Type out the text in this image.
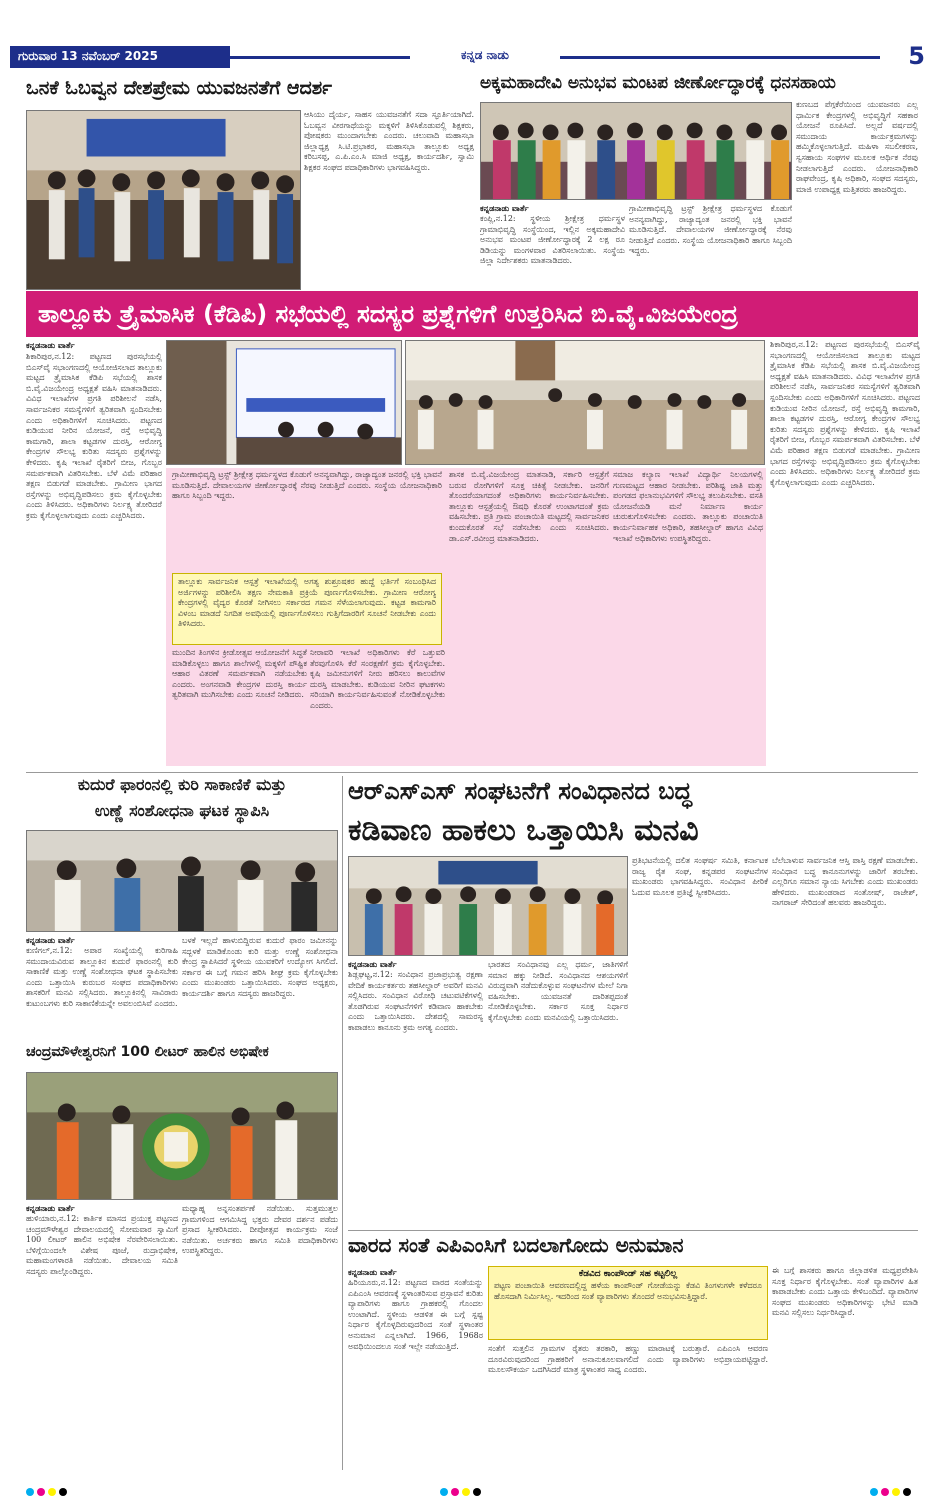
ಗುರುವಾರ 13 ನವೆಂಬರ್ 2025	ಕನ್ನಡ ನಾಡು	5
ಒನಕೆ ಓಬವ್ವನ ದೇಶಪ್ರೇಮ ಯುವಜನತೆಗೆ ಆದರ್ಶ
ಆಸಿಯು ದೈರ್ಯ, ಸಾಹಸ ಯುವಜನತೆಗೆ ಸದಾ ಸ್ಫೂರ್ತಿಯಾಗಿದೆ. ಓಬವ್ವನ ವೀರಗಾಥೆಯನ್ನು ಮಕ್ಕಳಿಗೆ ತಿಳಿಸಿಕೊಡುವಲ್ಲಿ ಶಿಕ್ಷಕರು, ಪೋಷಕರು ಮುಂದಾಗಬೇಕು ಎಂದರು. ಚಲುವಾದಿ ಮಹಾಸಭಾ ಜಿಲ್ಲಾಧ್ಯಕ್ಷ ಸಿ.ಟಿ.ಪ್ರಭಾಕರ, ಮಹಾಸಭಾ ತಾಲ್ಲೂಕು ಅಧ್ಯಕ್ಷ ಕರಿಬಸಪ್ಪ, ಎ.ಪಿ.ಎಂ.ಸಿ ಮಾಜಿ ಅಧ್ಯಕ್ಷ, ಕಾರ್ಯದರ್ಶಿ, ಸ್ವಾಮಿ ಶಿಕ್ಷಕರ ಸಂಘದ ಪದಾಧಿಕಾರಿಗಳು ಭಾಗವಹಿಸಿದ್ದರು.
ಅಕ್ಕಮಹಾದೇವಿ ಅನುಭವ ಮಂಟಪ ಜೀರ್ಣೋದ್ಧಾರಕ್ಕೆ ಧನಸಹಾಯ
ಕುಣಬದ ಪೆಗ್ಗಕೆರೆಯಿಂದ ಯುವಜನರು ಎಲ್ಲ ಧಾರ್ಮಿಕ ಕೇಂದ್ರಗಳಲ್ಲಿ ಅಭಿವೃದ್ಧಿಗೆ ಸಹಕಾರ ಯೋಜನೆ ರೂಪಿಸಿದೆ. ಅಲ್ಲದೆ ವರ್ಷದಲ್ಲಿ ಸಮುದಾಯ ಕಾರ್ಯಕ್ರಮಗಳನ್ನು ಹಮ್ಮಿಕೊಳ್ಳಲಾಗುತ್ತಿದೆ. ಮಹಿಳಾ ಸಬಲೀಕರಣ, ಸ್ವಸಹಾಯ ಸಂಘಗಳ ಮೂಲಕ ಆರ್ಥಿಕ ನೆರವು ನೀಡಲಾಗುತ್ತಿದೆ ಎಂದರು. ಯೋಜನಾಧಿಕಾರಿ ರಾಘವೇಂದ್ರ, ಕೃಷಿ ಅಧಿಕಾರಿ, ಸಂಘದ ಸದಸ್ಯರು, ಮಾಜಿ ಉಪಾಧ್ಯಕ್ಷ ಮತ್ತಿತರರು ಹಾಜರಿದ್ದರು.
ಕನ್ನಡನಾಡು ವಾರ್ತೆ
ಕಂಪ್ಲಿ,ನ.12: ಸ್ಥಳೀಯ ಶ್ರೀಕ್ಷೇತ್ರ ಧರ್ಮಸ್ಥಳ ಗ್ರಾಮಾಭಿವೃದ್ಧಿ ಸಂಸ್ಥೆಯಿಂದ, ಇಲ್ಲಿನ ಅಕ್ಕಮಹಾದೇವಿ ಅನುಭವ ಮಂಟಪ ಜೀರ್ಣೋದ್ಧಾರಕ್ಕೆ 2 ಲಕ್ಷ ರೂ ಡಿಡಿಯನ್ನು ಮಂಗಳವಾರ ವಿತರಿಸಲಾಯಿತು. ಸಂಸ್ಥೆಯ ಜಿಲ್ಲಾ ನಿರ್ದೇಶಕರು ಮಾತನಾಡಿದರು.
ಗ್ರಾಮೀಣಾಭಿವೃದ್ಧಿ ಟ್ರಸ್ಟ್ ಶ್ರೀಕ್ಷೇತ್ರ ಧರ್ಮಸ್ಥಳದ ಕೊಡುಗೆ ಅನನ್ಯವಾಗಿದ್ದು, ರಾಜ್ಯಾದ್ಯಂತ ಜನರಲ್ಲಿ ಭಕ್ತಿ ಭಾವನೆ ಮೂಡಿಸುತ್ತಿದೆ. ದೇವಾಲಯಗಳ ಜೀರ್ಣೋದ್ಧಾರಕ್ಕೆ ನೆರವು ನೀಡುತ್ತಿದೆ ಎಂದರು. ಸಂಸ್ಥೆಯ ಯೋಜನಾಧಿಕಾರಿ ಹಾಗೂ ಸಿಬ್ಬಂದಿ ಇದ್ದರು.
ತಾಲ್ಲೂಕು ತ್ರೈಮಾಸಿಕ (ಕೆಡಿಪಿ) ಸಭೆಯಲ್ಲಿ ಸದಸ್ಯರ ಪ್ರಶ್ನೆಗಳಿಗೆ ಉತ್ತರಿಸಿದ ಬಿ.ವೈ.ವಿಜಯೇಂದ್ರ
ಕನ್ನಡನಾಡು ವಾರ್ತೆ
ಶಿಕಾರಿಪುರ,ನ.12: ಪಟ್ಟಣದ ಪುರಸಭೆಯಲ್ಲಿ ಬಿಎಸ್‌ವೈ ಸಭಾಂಗಣದಲ್ಲಿ ಆಯೋಜಿಸಲಾದ ತಾಲ್ಲೂಕು ಮಟ್ಟದ ತ್ರೈಮಾಸಿಕ ಕೆಡಿಪಿ ಸಭೆಯಲ್ಲಿ ಶಾಸಕ ಬಿ.ವೈ.ವಿಜಯೇಂದ್ರ ಅಧ್ಯಕ್ಷತೆ ವಹಿಸಿ ಮಾತನಾಡಿದರು. ವಿವಿಧ ಇಲಾಖೆಗಳ ಪ್ರಗತಿ ಪರಿಶೀಲನೆ ನಡೆಸಿ, ಸಾರ್ವಜನಿಕರ ಸಮಸ್ಯೆಗಳಿಗೆ ತ್ವರಿತವಾಗಿ ಸ್ಪಂದಿಸಬೇಕು ಎಂದು ಅಧಿಕಾರಿಗಳಿಗೆ ಸೂಚಿಸಿದರು. ಪಟ್ಟಣದ ಕುಡಿಯುವ ನೀರಿನ ಯೋಜನೆ, ರಸ್ತೆ ಅಭಿವೃದ್ಧಿ ಕಾಮಗಾರಿ, ಶಾಲಾ ಕಟ್ಟಡಗಳ ದುರಸ್ತಿ, ಆರೋಗ್ಯ ಕೇಂದ್ರಗಳ ಸೌಲಭ್ಯ ಕುರಿತು ಸದಸ್ಯರು ಪ್ರಶ್ನೆಗಳನ್ನು ಕೇಳಿದರು. ಕೃಷಿ ಇಲಾಖೆ ರೈತರಿಗೆ ಬೀಜ, ಗೊಬ್ಬರ ಸಮರ್ಪಕವಾಗಿ ವಿತರಿಸಬೇಕು. ಬೆಳೆ ವಿಮೆ ಪರಿಹಾರ ತಕ್ಷಣ ಬಿಡುಗಡೆ ಮಾಡಬೇಕು. ಗ್ರಾಮೀಣ ಭಾಗದ ರಸ್ತೆಗಳನ್ನು ಅಭಿವೃದ್ಧಿಪಡಿಸಲು ಕ್ರಮ ಕೈಗೊಳ್ಳಬೇಕು ಎಂದು ತಿಳಿಸಿದರು. ಅಧಿಕಾರಿಗಳು ನಿರ್ಲಕ್ಷ್ಯ ತೋರಿದರೆ ಕ್ರಮ ಕೈಗೊಳ್ಳಲಾಗುವುದು ಎಂದು ಎಚ್ಚರಿಸಿದರು.
ತಾಲ್ಲೂಕು ಸಾರ್ವಜನಿಕ ಆಸ್ಪತ್ರೆ ಇಲಾಖೆಯಲ್ಲಿ ಅಗತ್ಯ ಶುಶ್ರೂಷಕರ ಹುದ್ದೆ ಭರ್ತಿಗೆ ಸಂಬಂಧಿಸಿದ ಅರ್ಜಿಗಳನ್ನು ಪರಿಶೀಲಿಸಿ ತಕ್ಷಣ ನೇಮಕಾತಿ ಪ್ರಕ್ರಿಯೆ ಪೂರ್ಣಗೊಳಿಸಬೇಕು. ಗ್ರಾಮೀಣ ಆರೋಗ್ಯ ಕೇಂದ್ರಗಳಲ್ಲಿ ವೈದ್ಯರ ಕೊರತೆ ನೀಗಿಸಲು ಸರ್ಕಾರದ ಗಮನ ಸೆಳೆಯಲಾಗುವುದು. ಕಟ್ಟಡ ಕಾಮಗಾರಿ ವಿಳಂಬ ಮಾಡದೆ ನಿಗದಿತ ಅವಧಿಯಲ್ಲಿ ಪೂರ್ಣಗೊಳಿಸಲು ಗುತ್ತಿಗೆದಾರರಿಗೆ ಸೂಚನೆ ನೀಡಬೇಕು ಎಂದು ತಿಳಿಸಿದರು.
ಮುಂದಿನ ತಿಂಗಳಿನ ಕ್ರೀಡೋತ್ಸವ ಆಯೋಜನೆಗೆ ಸಿದ್ಧತೆ ಮಾಡಿಕೊಳ್ಳಲು ಹಾಗೂ ಶಾಲೆಗಳಲ್ಲಿ ಮಕ್ಕಳಿಗೆ ಪೌಷ್ಟಿಕ ಆಹಾರ ವಿತರಣೆ ಸಮರ್ಪಕವಾಗಿ ನಡೆಯಬೇಕು ಎಂದರು. ಅಂಗನವಾಡಿ ಕೇಂದ್ರಗಳ ದುರಸ್ತಿ ಕಾರ್ಯ ತ್ವರಿತವಾಗಿ ಮುಗಿಸಬೇಕು ಎಂದು ಸೂಚನೆ ನೀಡಿದರು.
ನೀರಾವರಿ ಇಲಾಖೆ ಅಧಿಕಾರಿಗಳು ಕೆರೆ ಒತ್ತುವರಿ ತೆರವುಗೊಳಿಸಿ ಕೆರೆ ಸಂರಕ್ಷಣೆಗೆ ಕ್ರಮ ಕೈಗೊಳ್ಳಬೇಕು. ಕೃಷಿ ಜಮೀನುಗಳಿಗೆ ನೀರು ಹರಿಸಲು ಕಾಲುವೆಗಳ ದುರಸ್ತಿ ಮಾಡಬೇಕು. ಕುಡಿಯುವ ನೀರಿನ ಘಟಕಗಳು ಸರಿಯಾಗಿ ಕಾರ್ಯನಿರ್ವಹಿಸುವಂತೆ ನೋಡಿಕೊಳ್ಳಬೇಕು ಎಂದರು.
ಶಾಸಕ ಬಿ.ವೈ.ವಿಜಯೇಂದ್ರ ಮಾತನಾಡಿ, ಸರ್ಕಾರಿ ಆಸ್ಪತ್ರೆಗೆ ಬರುವ ರೋಗಿಗಳಿಗೆ ಸೂಕ್ತ ಚಿಕಿತ್ಸೆ ನೀಡಬೇಕು. ಜನರಿಗೆ ತೊಂದರೆಯಾಗದಂತೆ ಅಧಿಕಾರಿಗಳು ಕಾರ್ಯನಿರ್ವಹಿಸಬೇಕು. ತಾಲ್ಲೂಕು ಆಸ್ಪತ್ರೆಯಲ್ಲಿ ಔಷಧಿ ಕೊರತೆ ಉಂಟಾಗದಂತೆ ಕ್ರಮ ವಹಿಸಬೇಕು. ಪ್ರತಿ ಗ್ರಾಮ ಪಂಚಾಯಿತಿ ಮಟ್ಟದಲ್ಲಿ ಸಾರ್ವಜನಿಕರ ಕುಂದುಕೊರತೆ ಸಭೆ ನಡೆಸಬೇಕು ಎಂದು ಸೂಚಿಸಿದರು. ಡಾ.ಎಸ್.ರವೀಂದ್ರ ಮಾತನಾಡಿದರು.
ಸಮಾಜ ಕಲ್ಯಾಣ ಇಲಾಖೆ ವಿದ್ಯಾರ್ಥಿ ನಿಲಯಗಳಲ್ಲಿ ಗುಣಮಟ್ಟದ ಆಹಾರ ನೀಡಬೇಕು. ಪರಿಶಿಷ್ಟ ಜಾತಿ ಮತ್ತು ಪಂಗಡದ ಫಲಾನುಭವಿಗಳಿಗೆ ಸೌಲಭ್ಯ ತಲುಪಿಸಬೇಕು. ವಸತಿ ಯೋಜನೆಯಡಿ ಮನೆ ನಿರ್ಮಾಣ ಕಾರ್ಯ ಚುರುಕುಗೊಳಿಸಬೇಕು ಎಂದರು. ತಾಲ್ಲೂಕು ಪಂಚಾಯಿತಿ ಕಾರ್ಯನಿರ್ವಾಹಕ ಅಧಿಕಾರಿ, ತಹಸೀಲ್ದಾರ್ ಹಾಗೂ ವಿವಿಧ ಇಲಾಖೆ ಅಧಿಕಾರಿಗಳು ಉಪಸ್ಥಿತರಿದ್ದರು.
ಗ್ರಾಮೀಣಾಭಿವೃದ್ಧಿ ಟ್ರಸ್ಟ್ ಶ್ರೀಕ್ಷೇತ್ರ ಧರ್ಮಸ್ಥಳದ ಕೊಡುಗೆ ಅನನ್ಯವಾಗಿದ್ದು, ರಾಜ್ಯಾದ್ಯಂತ ಜನರಲ್ಲಿ ಭಕ್ತಿ ಭಾವನೆ ಮೂಡಿಸುತ್ತಿದೆ. ದೇವಾಲಯಗಳ ಜೀರ್ಣೋದ್ಧಾರಕ್ಕೆ ನೆರವು ನೀಡುತ್ತಿದೆ ಎಂದರು. ಸಂಸ್ಥೆಯ ಯೋಜನಾಧಿಕಾರಿ ಹಾಗೂ ಸಿಬ್ಬಂದಿ ಇದ್ದರು.
ಶಿಕಾರಿಪುರ,ನ.12: ಪಟ್ಟಣದ ಪುರಸಭೆಯಲ್ಲಿ ಬಿಎಸ್‌ವೈ ಸಭಾಂಗಣದಲ್ಲಿ ಆಯೋಜಿಸಲಾದ ತಾಲ್ಲೂಕು ಮಟ್ಟದ ತ್ರೈಮಾಸಿಕ ಕೆಡಿಪಿ ಸಭೆಯಲ್ಲಿ ಶಾಸಕ ಬಿ.ವೈ.ವಿಜಯೇಂದ್ರ ಅಧ್ಯಕ್ಷತೆ ವಹಿಸಿ ಮಾತನಾಡಿದರು. ವಿವಿಧ ಇಲಾಖೆಗಳ ಪ್ರಗತಿ ಪರಿಶೀಲನೆ ನಡೆಸಿ, ಸಾರ್ವಜನಿಕರ ಸಮಸ್ಯೆಗಳಿಗೆ ತ್ವರಿತವಾಗಿ ಸ್ಪಂದಿಸಬೇಕು ಎಂದು ಅಧಿಕಾರಿಗಳಿಗೆ ಸೂಚಿಸಿದರು. ಪಟ್ಟಣದ ಕುಡಿಯುವ ನೀರಿನ ಯೋಜನೆ, ರಸ್ತೆ ಅಭಿವೃದ್ಧಿ ಕಾಮಗಾರಿ, ಶಾಲಾ ಕಟ್ಟಡಗಳ ದುರಸ್ತಿ, ಆರೋಗ್ಯ ಕೇಂದ್ರಗಳ ಸೌಲಭ್ಯ ಕುರಿತು ಸದಸ್ಯರು ಪ್ರಶ್ನೆಗಳನ್ನು ಕೇಳಿದರು. ಕೃಷಿ ಇಲಾಖೆ ರೈತರಿಗೆ ಬೀಜ, ಗೊಬ್ಬರ ಸಮರ್ಪಕವಾಗಿ ವಿತರಿಸಬೇಕು. ಬೆಳೆ ವಿಮೆ ಪರಿಹಾರ ತಕ್ಷಣ ಬಿಡುಗಡೆ ಮಾಡಬೇಕು. ಗ್ರಾಮೀಣ ಭಾಗದ ರಸ್ತೆಗಳನ್ನು ಅಭಿವೃದ್ಧಿಪಡಿಸಲು ಕ್ರಮ ಕೈಗೊಳ್ಳಬೇಕು ಎಂದು ತಿಳಿಸಿದರು. ಅಧಿಕಾರಿಗಳು ನಿರ್ಲಕ್ಷ್ಯ ತೋರಿದರೆ ಕ್ರಮ ಕೈಗೊಳ್ಳಲಾಗುವುದು ಎಂದು ಎಚ್ಚರಿಸಿದರು.
ಕುದುರೆ ಫಾರಂನಲ್ಲಿ ಕುರಿ ಸಾಕಾಣಿಕೆ ಮತ್ತು
ಉಣ್ಣೆ ಸಂಶೋಧನಾ ಘಟಕ ಸ್ಥಾಪಿಸಿ
ಕನ್ನಡನಾಡು ವಾರ್ತೆ
ಕುಣಿಗಲ್,ನ.12: ಅಪಾರ ಸಂಖ್ಯೆಯಲ್ಲಿ ಕುರಿಗಾಹಿ ಸಮುದಾಯವಿರುವ ತಾಲ್ಲೂಕಿನ ಕುದುರೆ ಫಾರಂನಲ್ಲಿ ಕುರಿ ಸಾಕಾಣಿಕೆ ಮತ್ತು ಉಣ್ಣೆ ಸಂಶೋಧನಾ ಘಟಕ ಸ್ಥಾಪಿಸಬೇಕು ಎಂದು ಒತ್ತಾಯಿಸಿ ಕುರುಬರ ಸಂಘದ ಪದಾಧಿಕಾರಿಗಳು ಶಾಸಕರಿಗೆ ಮನವಿ ಸಲ್ಲಿಸಿದರು. ತಾಲ್ಲೂಕಿನಲ್ಲಿ ಸಾವಿರಾರು ಕುಟುಂಬಗಳು ಕುರಿ ಸಾಕಾಣಿಕೆಯನ್ನೇ ಅವಲಂಬಿಸಿವೆ ಎಂದರು.
ಬಳಕೆ ಇಲ್ಲದೆ ಹಾಳುಬಿದ್ದಿರುವ ಕುದುರೆ ಫಾರಂ ಜಮೀನನ್ನು ಸದ್ಬಳಕೆ ಮಾಡಿಕೊಂಡು ಕುರಿ ಮತ್ತು ಉಣ್ಣೆ ಸಂಶೋಧನಾ ಕೇಂದ್ರ ಸ್ಥಾಪಿಸಿದರೆ ಸ್ಥಳೀಯ ಯುವಕರಿಗೆ ಉದ್ಯೋಗ ಸಿಗಲಿದೆ. ಸರ್ಕಾರ ಈ ಬಗ್ಗೆ ಗಮನ ಹರಿಸಿ ಶೀಘ್ರ ಕ್ರಮ ಕೈಗೊಳ್ಳಬೇಕು ಎಂದು ಮುಖಂಡರು ಒತ್ತಾಯಿಸಿದರು. ಸಂಘದ ಅಧ್ಯಕ್ಷರು, ಕಾರ್ಯದರ್ಶಿ ಹಾಗೂ ಸದಸ್ಯರು ಹಾಜರಿದ್ದರು.
ಚಂದ್ರಮೌಳೇಶ್ವರನಿಗೆ 100 ಲೀಟರ್ ಹಾಲಿನ ಅಭಿಷೇಕ
ಕನ್ನಡನಾಡು ವಾರ್ತೆ
ಹುಳಿಯಾರು,ನ.12: ಕಾರ್ತಿಕ ಮಾಸದ ಪ್ರಯುಕ್ತ ಪಟ್ಟಣದ ಚಂದ್ರಮೌಳೇಶ್ವರ ದೇವಾಲಯದಲ್ಲಿ ಸೋಮವಾರ ಸ್ವಾಮಿಗೆ 100 ಲೀಟರ್ ಹಾಲಿನ ಅಭಿಷೇಕ ನೆರವೇರಿಸಲಾಯಿತು. ಬೆಳಿಗ್ಗೆಯಿಂದಲೇ ವಿಶೇಷ ಪೂಜೆ, ರುದ್ರಾಭಿಷೇಕ, ಮಹಾಮಂಗಳಾರತಿ ನಡೆಯಿತು. ದೇವಾಲಯ ಸಮಿತಿ ಸದಸ್ಯರು ಪಾಲ್ಗೊಂಡಿದ್ದರು.
ಮಧ್ಯಾಹ್ನ ಅನ್ನಸಂತರ್ಪಣೆ ನಡೆಯಿತು. ಸುತ್ತಮುತ್ತಲ ಗ್ರಾಮಗಳಿಂದ ಆಗಮಿಸಿದ್ದ ಭಕ್ತರು ದೇವರ ದರ್ಶನ ಪಡೆದು ಪ್ರಸಾದ ಸ್ವೀಕರಿಸಿದರು. ದೀಪೋತ್ಸವ ಕಾರ್ಯಕ್ರಮ ಸಂಜೆ ನಡೆಯಿತು. ಅರ್ಚಕರು ಹಾಗೂ ಸಮಿತಿ ಪದಾಧಿಕಾರಿಗಳು ಉಪಸ್ಥಿತರಿದ್ದರು.
ಆರ್‌ಎಸ್‌ಎಸ್ ಸಂಘಟನೆಗೆ ಸಂವಿಧಾನದ ಬದ್ಧ
ಕಡಿವಾಣ ಹಾಕಲು ಒತ್ತಾಯಿಸಿ ಮನವಿ
ಕನ್ನಡನಾಡು ವಾರ್ತೆ
ಶಿಡ್ಲಘಟ್ಟ,ನ.12: ಸಂವಿಧಾನ ಪ್ರಜಾಪ್ರಭುತ್ವ ರಕ್ಷಣಾ ವೇದಿಕೆ ಕಾರ್ಯಕರ್ತರು ತಹಸೀಲ್ದಾರ್ ಅವರಿಗೆ ಮನವಿ ಸಲ್ಲಿಸಿದರು. ಸಂವಿಧಾನ ವಿರೋಧಿ ಚಟುವಟಿಕೆಗಳಲ್ಲಿ ತೊಡಗಿರುವ ಸಂಘಟನೆಗಳಿಗೆ ಕಡಿವಾಣ ಹಾಕಬೇಕು ಎಂದು ಒತ್ತಾಯಿಸಿದರು. ದೇಶದಲ್ಲಿ ಸಾಮರಸ್ಯ ಕಾಪಾಡಲು ಕಾನೂನು ಕ್ರಮ ಅಗತ್ಯ ಎಂದರು.
ಭಾರತದ ಸಂವಿಧಾನವು ಎಲ್ಲ ಧರ್ಮ, ಜಾತಿಗಳಿಗೆ ಸಮಾನ ಹಕ್ಕು ನೀಡಿದೆ. ಸಂವಿಧಾನದ ಆಶಯಗಳಿಗೆ ವಿರುದ್ಧವಾಗಿ ನಡೆದುಕೊಳ್ಳುವ ಸಂಘಟನೆಗಳ ಮೇಲೆ ನಿಗಾ ವಹಿಸಬೇಕು. ಯುವಜನತೆ ದಾರಿತಪ್ಪದಂತೆ ನೋಡಿಕೊಳ್ಳಬೇಕು. ಸರ್ಕಾರ ಸೂಕ್ತ ನಿರ್ಧಾರ ಕೈಗೊಳ್ಳಬೇಕು ಎಂದು ಮನವಿಯಲ್ಲಿ ಒತ್ತಾಯಿಸಿದರು.
ಪ್ರತಿಭಟನೆಯಲ್ಲಿ ದಲಿತ ಸಂಘರ್ಷ ಸಮಿತಿ, ಕರ್ನಾಟಕ ರಾಜ್ಯ ರೈತ ಸಂಘ, ಕನ್ನಡಪರ ಸಂಘಟನೆಗಳ ಮುಖಂಡರು ಭಾಗವಹಿಸಿದ್ದರು. ಸಂವಿಧಾನ ಪೀಠಿಕೆ ಓದುವ ಮೂಲಕ ಪ್ರತಿಜ್ಞೆ ಸ್ವೀಕರಿಸಿದರು.
ಬೆಲೆಬಾಳುವ ಸಾರ್ವಜನಿಕ ಆಸ್ತಿ ಪಾಸ್ತಿ ರಕ್ಷಣೆ ಮಾಡಬೇಕು. ಸಂವಿಧಾನ ಬದ್ಧ ಕಾನೂನುಗಳನ್ನು ಜಾರಿಗೆ ತರಬೇಕು. ಎಲ್ಲರಿಗೂ ಸಮಾನ ನ್ಯಾಯ ಸಿಗಬೇಕು ಎಂದು ಮುಖಂಡರು ಹೇಳಿದರು. ಮುಖಂಡರಾದ ಸಂತೋಷ್, ರಾಜೇಶ್, ನಾಗರಾಜ್ ಸೇರಿದಂತೆ ಹಲವರು ಹಾಜರಿದ್ದರು.
ವಾರದ ಸಂತೆ ಎಪಿಎಂಸಿಗೆ ಬದಲಾಗೋದು ಅನುಮಾನ
ಕನ್ನಡನಾಡು ವಾರ್ತೆ
ಹಿರಿಯೂರು,ನ.12: ಪಟ್ಟಣದ ವಾರದ ಸಂತೆಯನ್ನು ಎಪಿಎಂಸಿ ಆವರಣಕ್ಕೆ ಸ್ಥಳಾಂತರಿಸುವ ಪ್ರಸ್ತಾವನೆ ಕುರಿತು ವ್ಯಾಪಾರಿಗಳು ಹಾಗೂ ಗ್ರಾಹಕರಲ್ಲಿ ಗೊಂದಲ ಉಂಟಾಗಿದೆ. ಸ್ಥಳೀಯ ಆಡಳಿತ ಈ ಬಗ್ಗೆ ಸ್ಪಷ್ಟ ನಿರ್ಧಾರ ಕೈಗೊಳ್ಳದಿರುವುದರಿಂದ ಸಂತೆ ಸ್ಥಳಾಂತರ ಅನುಮಾನ ಎನ್ನಲಾಗಿದೆ. 1966, 1968ರ ಅವಧಿಯಿಂದಲೂ ಸಂತೆ ಇಲ್ಲೇ ನಡೆಯುತ್ತಿದೆ.
ಕೆಡವಿದ ಕಾಂಪೌಂಡ್ ಸಹ ಕಟ್ಟಲಿಲ್ಲ
ಪಟ್ಟಣ ಪಂಚಾಯಿತಿ ಆವರಣದಲ್ಲಿದ್ದ ಹಳೆಯ ಕಾಂಪೌಂಡ್ ಗೋಡೆಯನ್ನು ಕೆಡವಿ ತಿಂಗಳುಗಳೇ ಕಳೆದರೂ ಹೊಸದಾಗಿ ನಿರ್ಮಿಸಿಲ್ಲ. ಇದರಿಂದ ಸಂತೆ ವ್ಯಾಪಾರಿಗಳು ತೊಂದರೆ ಅನುಭವಿಸುತ್ತಿದ್ದಾರೆ.
ಸಂತೆಗೆ ಸುತ್ತಲಿನ ಗ್ರಾಮಗಳ ರೈತರು ತರಕಾರಿ, ಹಣ್ಣು ಮಾರಾಟಕ್ಕೆ ಬರುತ್ತಾರೆ. ಎಪಿಎಂಸಿ ಆವರಣ ದೂರವಿರುವುದರಿಂದ ಗ್ರಾಹಕರಿಗೆ ಅನಾನುಕೂಲವಾಗಲಿದೆ ಎಂದು ವ್ಯಾಪಾರಿಗಳು ಅಭಿಪ್ರಾಯಪಟ್ಟಿದ್ದಾರೆ. ಮೂಲಸೌಕರ್ಯ ಒದಗಿಸಿದರೆ ಮಾತ್ರ ಸ್ಥಳಾಂತರ ಸಾಧ್ಯ ಎಂದರು.
ಈ ಬಗ್ಗೆ ಶಾಸಕರು ಹಾಗೂ ಜಿಲ್ಲಾಡಳಿತ ಮಧ್ಯಪ್ರವೇಶಿಸಿ ಸೂಕ್ತ ನಿರ್ಧಾರ ಕೈಗೊಳ್ಳಬೇಕು. ಸಂತೆ ವ್ಯಾಪಾರಿಗಳ ಹಿತ ಕಾಪಾಡಬೇಕು ಎಂದು ಒತ್ತಾಯ ಕೇಳಿಬಂದಿದೆ. ವ್ಯಾಪಾರಿಗಳ ಸಂಘದ ಮುಖಂಡರು ಅಧಿಕಾರಿಗಳನ್ನು ಭೇಟಿ ಮಾಡಿ ಮನವಿ ಸಲ್ಲಿಸಲು ನಿರ್ಧರಿಸಿದ್ದಾರೆ.
